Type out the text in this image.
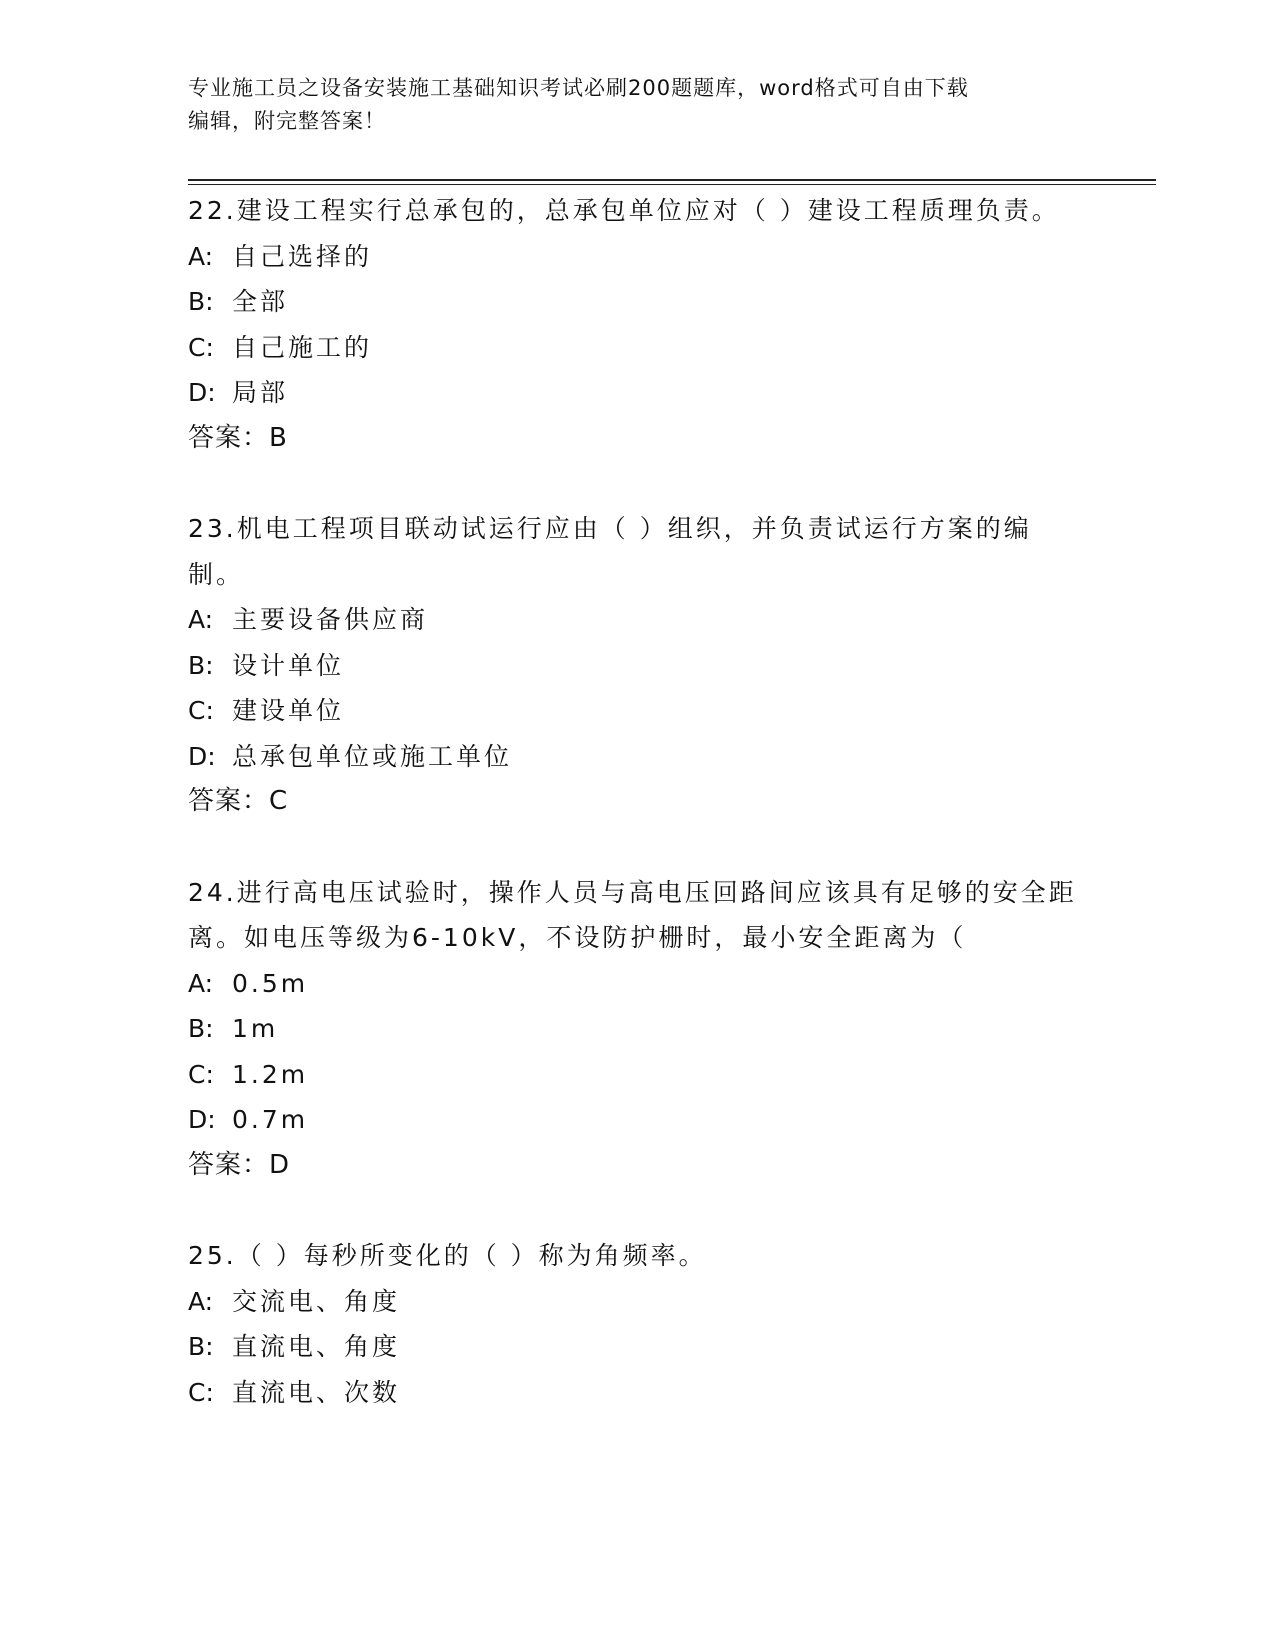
专业施工员之设备安装施工基础知识考试必刷200题题库，word格式可自由下载
编辑，附完整答案！

22.建设工程实行总承包的，总承包单位应对（ ）建设工程质理负责。

A: 自己选择的

B: 全部

C: 自己施工的

D: 局部

答案：B

23.机电工程项目联动试运行应由（ ）组织，并负责试运行方案的编制。

A: 主要设备供应商

B: 设计单位

C: 建设单位

D: 总承包单位或施工单位

答案：C

24.进行高电压试验时，操作人员与高电压回路间应该具有足够的安全距离。如电压等级为6-10kV，不设防护栅时，最小安全距离为（

A: 0.5m

B: 1m

C: 1.2m

D: 0.7m

答案：D

25.（ ）每秒所变化的（ ）称为角频率。

A: 交流电、角度

B: 直流电、角度

C: 直流电、次数
